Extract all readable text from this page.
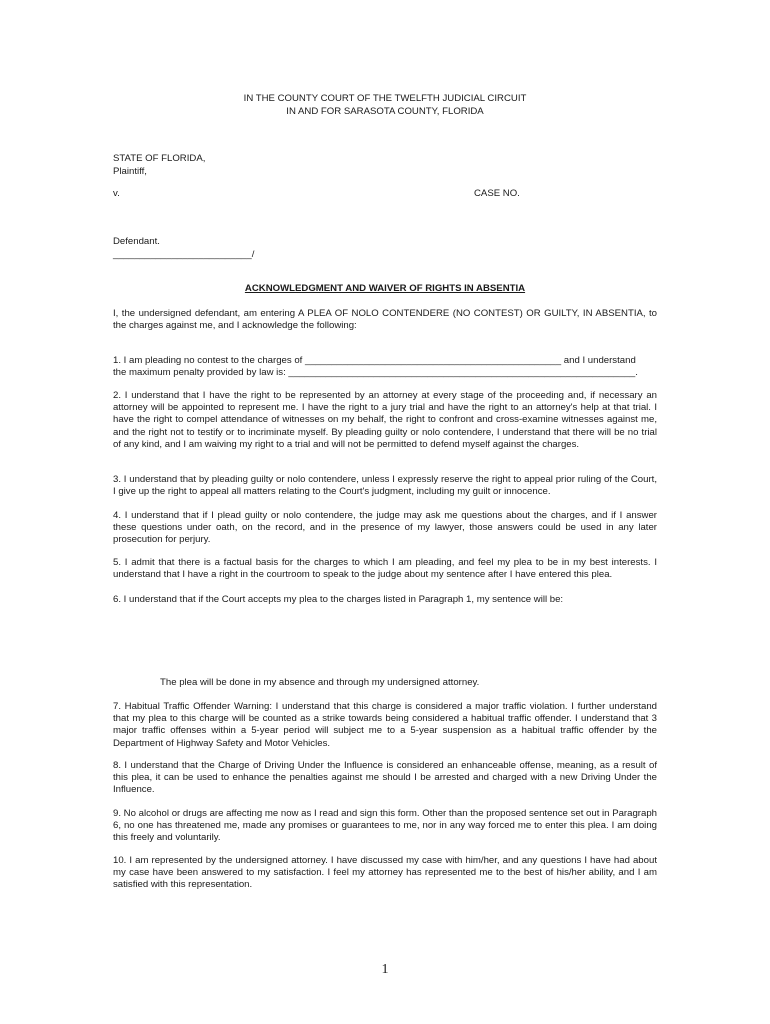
IN THE COUNTY COURT OF THE TWELFTH JUDICIAL CIRCUIT
IN AND FOR SARASOTA COUNTY, FLORIDA
STATE OF FLORIDA,
Plaintiff,
v.	CASE NO.
Defendant.
__________________________/
ACKNOWLEDGMENT AND WAIVER OF RIGHTS IN ABSENTIA
I, the undersigned defendant, am entering A PLEA OF NOLO CONTENDERE (NO CONTEST) OR GUILTY, IN ABSENTIA, to the charges against me, and I acknowledge the following:
1. I am pleading no contest to the charges of ________________________________________________ and I understand
the maximum penalty provided by law is: _________________________________________________________________.
2. I understand that I have the right to be represented by an attorney at every stage of the proceeding and, if necessary an attorney will be appointed to represent me. I have the right to a jury trial and have the right to an attorney's help at that trial. I have the right to compel attendance of witnesses on my behalf, the right to confront and cross-examine witnesses against me, and the right not to testify or to incriminate myself. By pleading guilty or nolo contendere, I understand that there will be no trial of any kind, and I am waiving my right to a trial and will not be permitted to defend myself against the charges.
3. I understand that by pleading guilty or nolo contendere, unless I expressly reserve the right to appeal prior ruling of the Court, I give up the right to appeal all matters relating to the Court's judgment, including my guilt or innocence.
4. I understand that if I plead guilty or nolo contendere, the judge may ask me questions about the charges, and if I answer these questions under oath, on the record, and in the presence of my lawyer, those answers could be used in any later prosecution for perjury.
5. I admit that there is a factual basis for the charges to which I am pleading, and feel my plea to be in my best interests. I understand that I have a right in the courtroom to speak to the judge about my sentence after I have entered this plea.
6. I understand that if the Court accepts my plea to the charges listed in Paragraph 1, my sentence will be:
The plea will be done in my absence and through my undersigned attorney.
7. Habitual Traffic Offender Warning: I understand that this charge is considered a major traffic violation. I further understand that my plea to this charge will be counted as a strike towards being considered a habitual traffic offender. I understand that 3 major traffic offenses within a 5-year period will subject me to a 5-year suspension as a habitual traffic offender by the Department of Highway Safety and Motor Vehicles.
8. I understand that the Charge of Driving Under the Influence is considered an enhanceable offense, meaning, as a result of this plea, it can be used to enhance the penalties against me should I be arrested and charged with a new Driving Under the Influence.
9. No alcohol or drugs are affecting me now as I read and sign this form. Other than the proposed sentence set out in Paragraph 6, no one has threatened me, made any promises or guarantees to me, nor in any way forced me to enter this plea. I am doing this freely and voluntarily.
10. I am represented by the undersigned attorney. I have discussed my case with him/her, and any questions I have had about my case have been answered to my satisfaction. I feel my attorney has represented me to the best of his/her ability, and I am satisfied with this representation.
1
